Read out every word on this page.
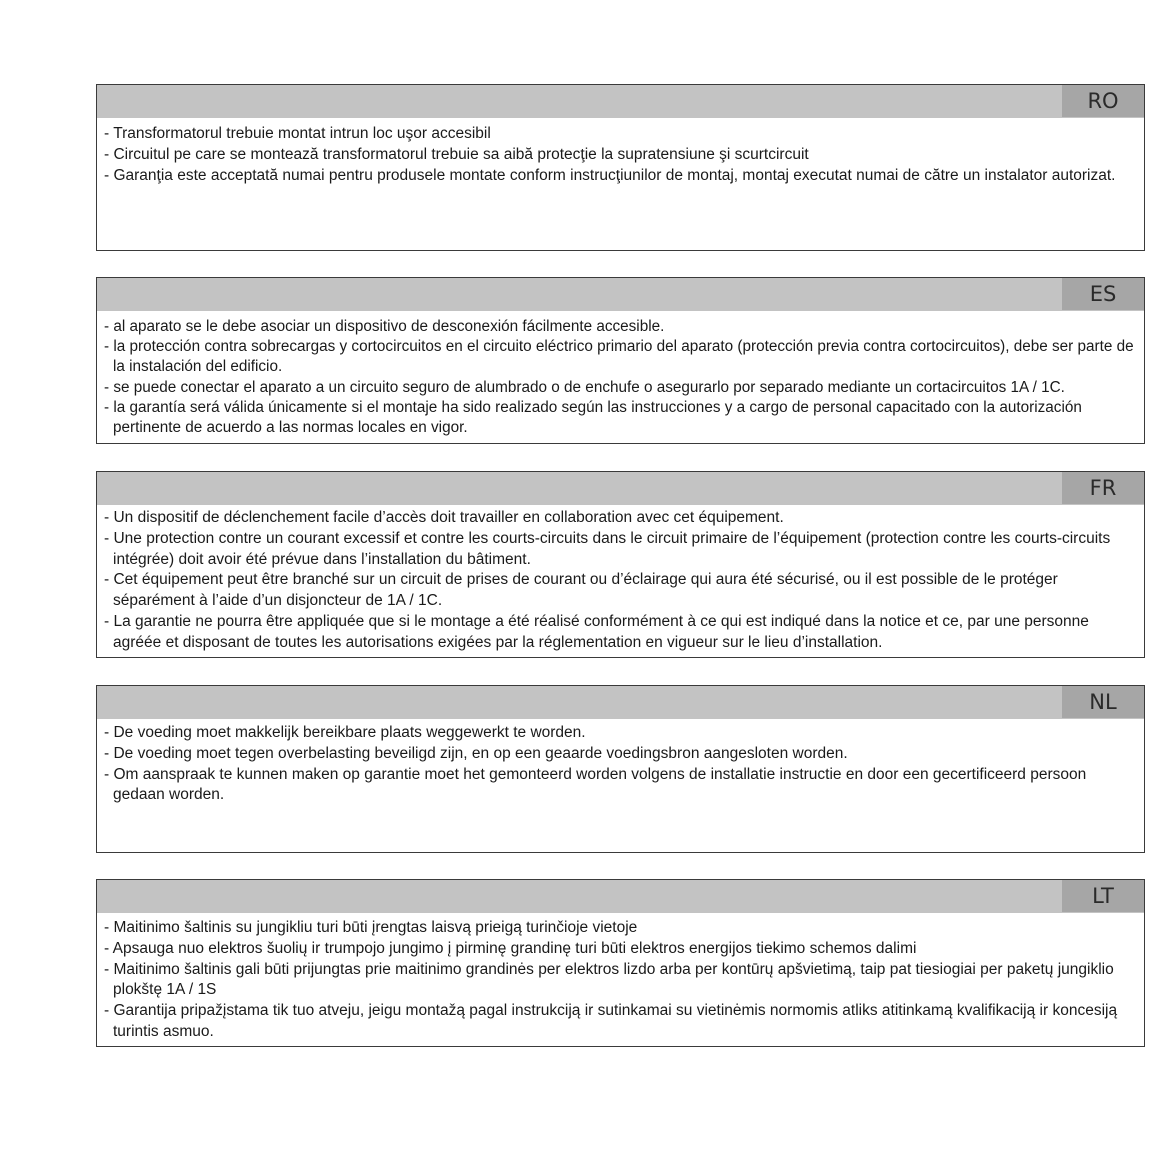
RO
- Transformatorul trebuie montat intrun loc uşor accesibil
- Circuitul pe care se montează transformatorul trebuie sa aibă protecţie la supratensiune şi scurtcircuit
- Garanţia este acceptată numai pentru produsele montate conform instrucţiunilor de montaj, montaj executat numai de către un instalator autorizat.
ES
- al aparato se le debe asociar un dispositivo de desconexión fácilmente accesible.
- la protección contra sobrecargas y cortocircuitos en el circuito eléctrico primario del aparato (protección previa contra cortocircuitos), debe ser parte de la instalación del edificio.
- se puede conectar el aparato a un circuito seguro de alumbrado o de enchufe o asegurarlo por separado mediante un cortacircuitos 1A / 1C.
- la garantía será válida únicamente si el montaje ha sido realizado según las instrucciones y a cargo de personal capacitado con la autorización pertinente de acuerdo a las normas locales en vigor.
FR
- Un dispositif de déclenchement facile d’accès doit travailler en collaboration avec cet équipement.
- Une protection contre un courant excessif et contre les courts-circuits dans le circuit primaire de l’équipement (protection contre les courts-circuits intégrée) doit avoir été prévue dans l’installation du bâtiment.
- Cet équipement peut être branché sur un circuit de prises de courant ou d’éclairage qui aura été sécurisé, ou il est possible de le protéger séparément à l’aide d’un disjoncteur de 1A / 1C.
- La garantie ne pourra être appliquée que si le montage a été réalisé conformément à ce qui est indiqué dans la notice et ce, par une personne agréée et disposant de toutes les autorisations exigées par la réglementation en vigueur sur le lieu d’installation.
NL
- De voeding moet makkelijk bereikbare plaats weggewerkt te worden.
- De voeding moet tegen overbelasting beveiligd zijn, en op een geaarde voedingsbron aangesloten worden.
- Om aanspraak te kunnen maken op garantie moet het gemonteerd worden volgens de installatie instructie en door een gecertificeerd persoon gedaan worden.
LT
- Maitinimo šaltinis su jungikliu turi būti įrengtas laisvą prieigą turinčioje vietoje
- Apsauga nuo elektros šuolių ir trumpojo jungimo į pirminę grandinę turi būti elektros energijos tiekimo schemos dalimi
- Maitinimo šaltinis gali būti prijungtas prie maitinimo grandinės per elektros lizdo arba per kontūrų apšvietimą, taip pat tiesiogiai per paketų jungiklio plokštę 1A / 1S
- Garantija pripažįstama tik tuo atveju, jeigu montažą pagal instrukciją ir sutinkamai su vietinėmis normomis atliks atitinkamą kvalifikaciją ir koncesiją turintis asmuo.
